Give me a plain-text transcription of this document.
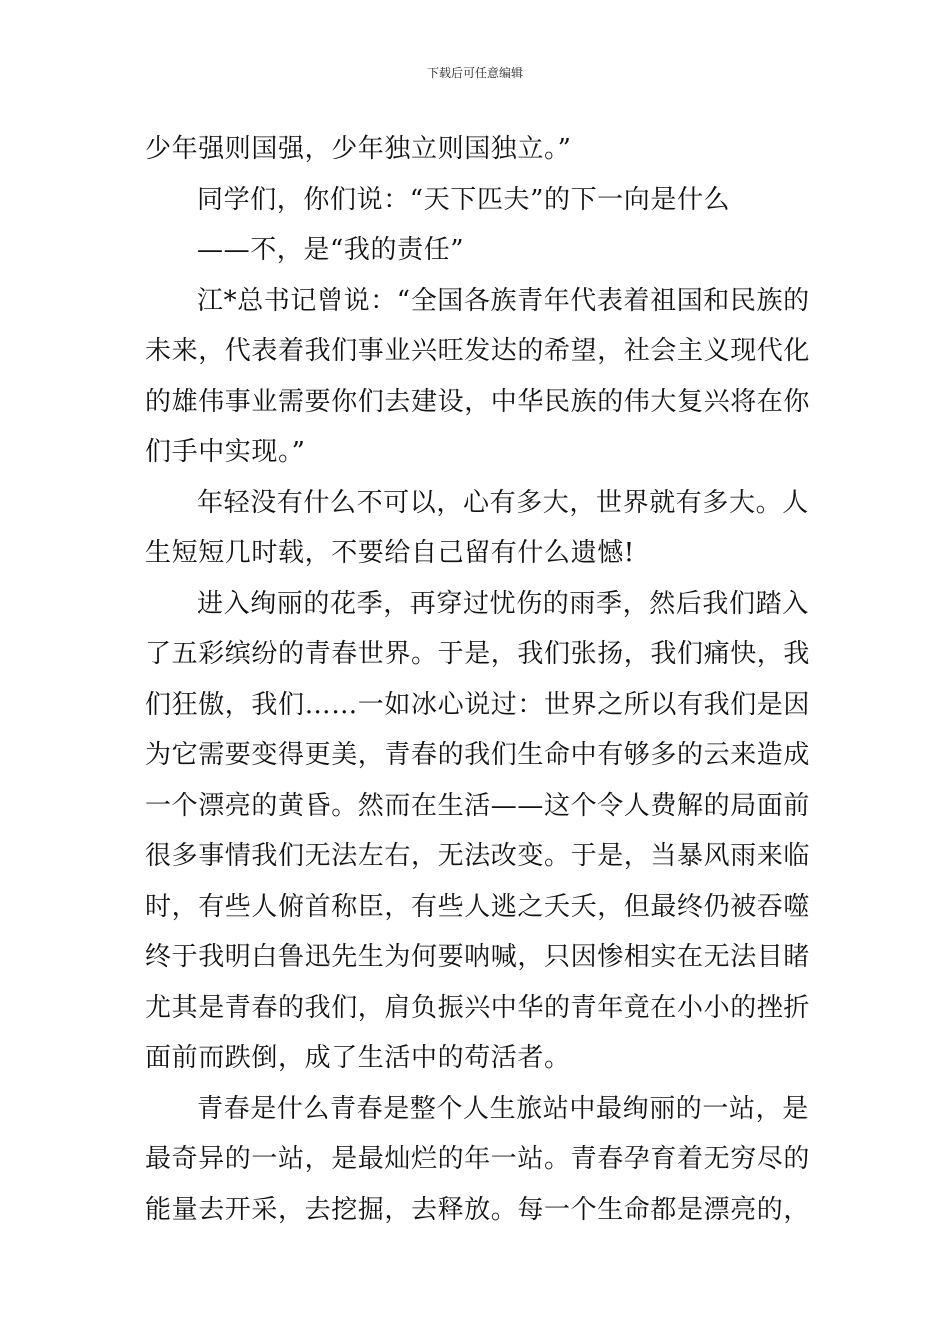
下载后可任意编辑
少年强则国强，少年独立则国独立。”
同学们，你们说：“天下匹夫”的下一向是什么
——不，是“我的责任”
江*总书记曾说：“全国各族青年代表着祖国和民族的
未来，代表着我们事业兴旺发达的希望，社会主义现代化
的雄伟事业需要你们去建设，中华民族的伟大复兴将在你
们手中实现。”
年轻没有什么不可以，心有多大，世界就有多大。人
生短短几时载，不要给自己留有什么遗憾!
进入绚丽的花季，再穿过忧伤的雨季，然后我们踏入
了五彩缤纷的青春世界。于是，我们张扬，我们痛快，我
们狂傲，我们……一如冰心说过：世界之所以有我们是因
为它需要变得更美，青春的我们生命中有够多的云来造成
一个漂亮的黄昏。然而在生活——这个令人费解的局面前
很多事情我们无法左右，无法改变。于是，当暴风雨来临
时，有些人俯首称臣，有些人逃之夭夭，但最终仍被吞噬
终于我明白鲁迅先生为何要呐喊，只因惨相实在无法目睹
尤其是青春的我们，肩负振兴中华的青年竟在小小的挫折
面前而跌倒，成了生活中的苟活者。
青春是什么青春是整个人生旅站中最绚丽的一站，是
最奇异的一站，是最灿烂的年一站。青春孕育着无穷尽的
能量去开采，去挖掘，去释放。每一个生命都是漂亮的，
